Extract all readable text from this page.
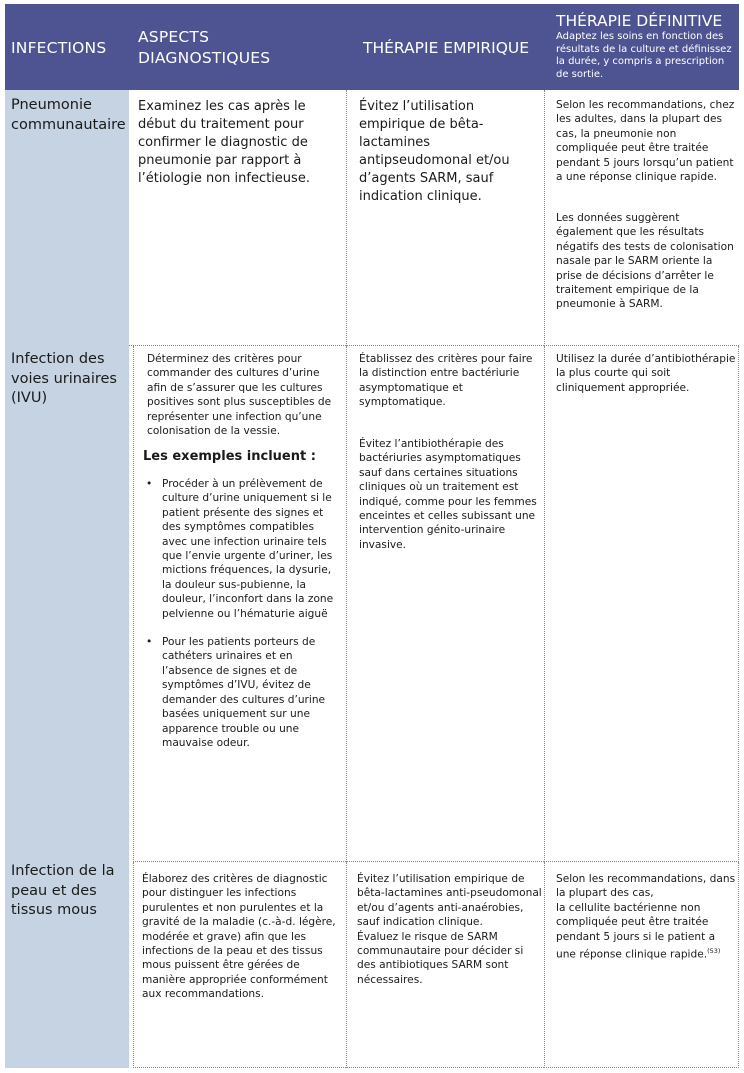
INFECTIONS
ASPECTS DIAGNOSTIQUES
THÉRAPIE EMPIRIQUE
THÉRAPIE DÉFINITIVE
Adaptez les soins en fonction des résultats de la culture et définissez la durée, y compris a prescription de sortie.
Pneumonie communautaire
Infection des voies urinaires (IVU)
Infection de la peau et des tissus mous
Examinez les cas après le début du traitement pour confirmer le diagnostic de pneumonie par rapport à l’étiologie non infectieuse.
Évitez l’utilisation empirique de bêta-lactamines antipseudomonal et/ou d’agents SARM, sauf indication clinique.
Selon les recommandations, chez les adultes, dans la plupart des cas, la pneumonie non compliquée peut être traitée pendant 5 jours lorsqu’un patient a une réponse clinique rapide.
Les données suggèrent également que les résultats négatifs des tests de colonisation nasale par le SARM oriente la prise de décisions d’arrêter le traitement empirique de la pneumonie à SARM.
Déterminez des critères pour commander des cultures d’urine afin de s’assurer que les cultures positives sont plus susceptibles de représenter une infection qu’une colonisation de la vessie.
Les exemples incluent :
• Procéder à un prélèvement de culture d’urine uniquement si le patient présente des signes et des symptômes compatibles avec une infection urinaire tels que l’envie urgente d’uriner, les mictions fréquences, la dysurie, la douleur sus-pubienne, la douleur, l’inconfort dans la zone pelvienne ou l’hématurie aiguë
• Pour les patients porteurs de cathéters urinaires et en l’absence de signes et de symptômes d’IVU, évitez de demander des cultures d’urine basées uniquement sur une apparence trouble ou une mauvaise odeur.
Établissez des critères pour faire la distinction entre bactériurie asymptomatique et symptomatique.
Évitez l’antibiothérapie des bactériuries asymptomatiques sauf dans certaines situations cliniques où un traitement est indiqué, comme pour les femmes enceintes et celles subissant une intervention génito-urinaire invasive.
Utilisez la durée d’antibiothérapie la plus courte qui soit cliniquement appropriée.
Élaborez des critères de diagnostic pour distinguer les infections purulentes et non purulentes et la gravité de la maladie (c.-à-d. légère, modérée et grave) afin que les infections de la peau et des tissus mous puissent être gérées de manière appropriée conformément aux recommandations.
Évitez l’utilisation empirique de bêta-lactamines anti-pseudomonal et/ou d’agents anti-anaérobies, sauf indication clinique.
Évaluez le risque de SARM communautaire pour décider si des antibiotiques SARM sont nécessaires.
Selon les recommandations, dans la plupart des cas,
la cellulite bactérienne non compliquée peut être traitée pendant 5 jours si le patient a une réponse clinique rapide.$^{(53)}$
